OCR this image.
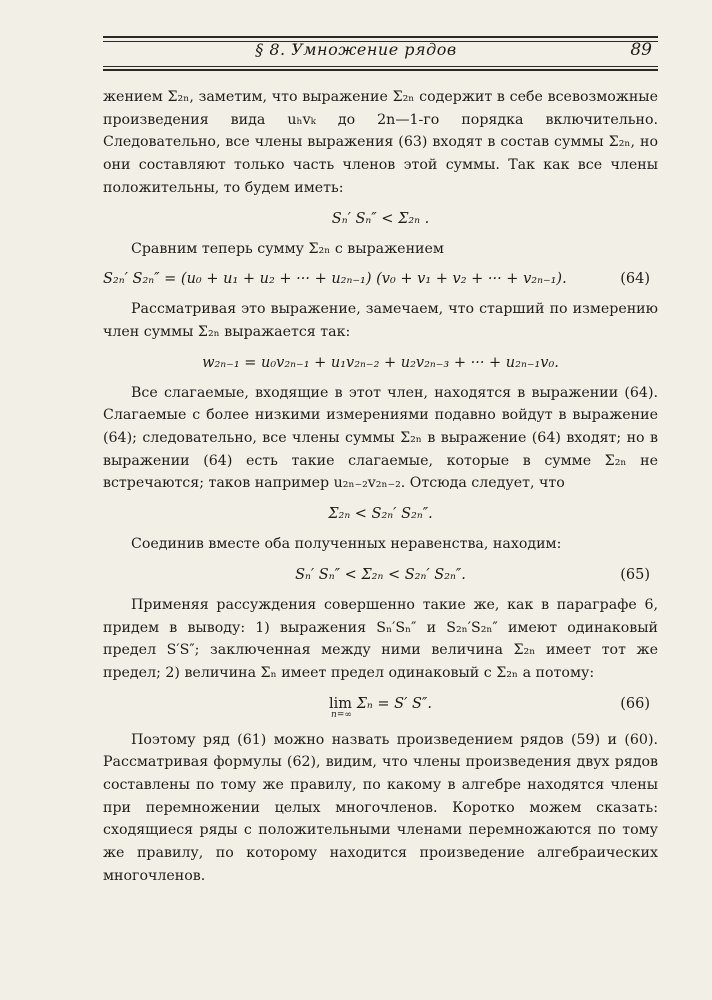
§ 8. Умножение рядов	89

жением Σ₂ₙ, заметим, что выражение Σ₂ₙ содержит в себе всевозможные произведения вида uₕvₖ до 2n—1-го порядка включительно. Следовательно, все члены выражения (63) входят в состав суммы Σ₂ₙ, но они составляют только часть членов этой суммы. Так как все члены положительны, то будем иметь:

Sₙ′ Sₙ″ < Σ₂ₙ .

Сравним теперь сумму Σ₂ₙ с выражением

S₂ₙ′ S₂ₙ″ = (u₀ + u₁ + u₂ + ··· + u₂ₙ₋₁) (v₀ + v₁ + v₂ + ··· + v₂ₙ₋₁).	(64)

Рассматривая это выражение, замечаем, что старший по измерению член суммы Σ₂ₙ выражается так:

w₂ₙ₋₁ = u₀v₂ₙ₋₁ + u₁v₂ₙ₋₂ + u₂v₂ₙ₋₃ + ··· + u₂ₙ₋₁v₀.

Все слагаемые, входящие в этот член, находятся в выражении (64). Слагаемые с более низкими измерениями подавно войдут в выражение (64); следовательно, все члены суммы Σ₂ₙ в выражение (64) входят; но в выражении (64) есть такие слагаемые, которые в сумме Σ₂ₙ не встречаются; таков например u₂ₙ₋₂v₂ₙ₋₂. Отсюда следует, что

Σ₂ₙ < S₂ₙ′ S₂ₙ″.

Соединив вместе оба полученных неравенства, находим:

Sₙ′ Sₙ″ < Σ₂ₙ < S₂ₙ′ S₂ₙ″.	(65)

Применяя рассуждения совершенно такие же, как в параграфе 6, придем в выводу: 1) выражения Sₙ′Sₙ″ и S₂ₙ′S₂ₙ″ имеют одинаковый предел S′S″; заключенная между ними величина Σ₂ₙ имеет тот же предел; 2) величина Σₙ имеет предел одинаковый с Σ₂ₙ а потому:

lim
n=∞
Σₙ = S′ S″.	(66)

Поэтому ряд (61) можно назвать произведением рядов (59) и (60). Рассматривая формулы (62), видим, что члены произведения двух рядов составлены по тому же правилу, по какому в алгебре находятся члены при перемножении целых многочленов. Коротко можем сказать: сходящиеся ряды с положительными членами перемножаются по тому же правилу, по которому находится произведение алгебраических многочленов.
